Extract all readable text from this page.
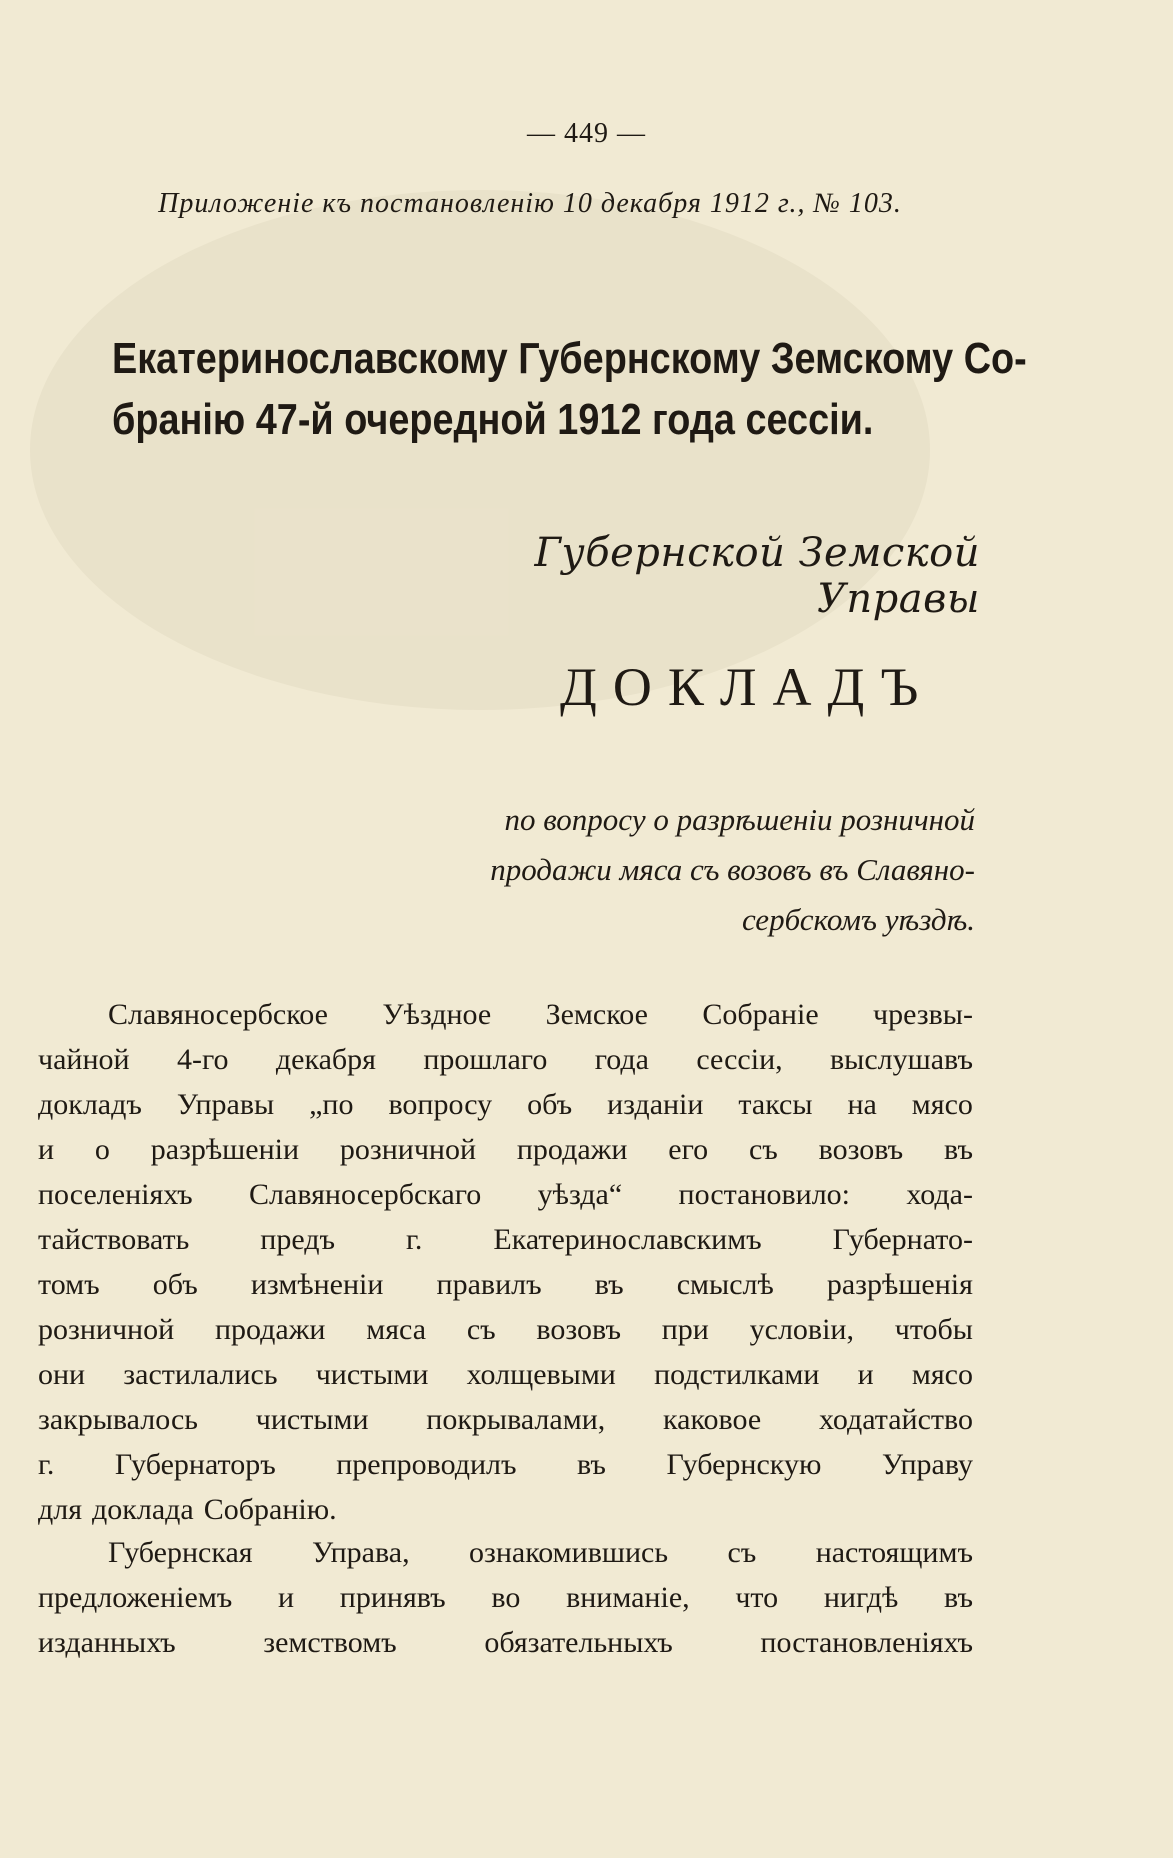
— 449 —
Приложенiе къ постановленiю 10 декабря 1912 г., № 103.
Екатеринославскому Губернскому Земскому Со-
бранiю 47-й очередной 1912 года сессiи.
Губернской Земской Управы
ДОКЛАДЪ
по вопросу о разрѣшенiи розничной
продажи мяса съ возовъ въ Славяно-
сербскомъ уѣздѣ.
Славяносербское Уѣздное Земское Собранiе чрезвы-
чайной 4-го декабря прошлаго года сессiи, выслушавъ
докладъ Управы „по вопросу объ изданiи таксы на мясо
и о разрѣшенiи розничной продажи его съ возовъ въ
поселенiяхъ Славяносербскаго уѣзда“ постановило: хода-
тайствовать предъ г. Екатеринославскимъ Губернато-
томъ объ измѣненiи правилъ въ смыслѣ разрѣшенiя
розничной продажи мяса съ возовъ при условiи, чтобы
они застилались чистыми холщевыми подстилками и мясо
закрывалось чистыми покрывалами, каковое ходатайство
г. Губернаторъ препроводилъ въ Губернскую Управу
для доклада Собранiю.
Губернская Управа, ознакомившись съ настоящимъ
предложенiемъ и принявъ во вниманiе, что нигдѣ въ
изданныхъ	земствомъ	обязательныхъ	постановленiяхъ
